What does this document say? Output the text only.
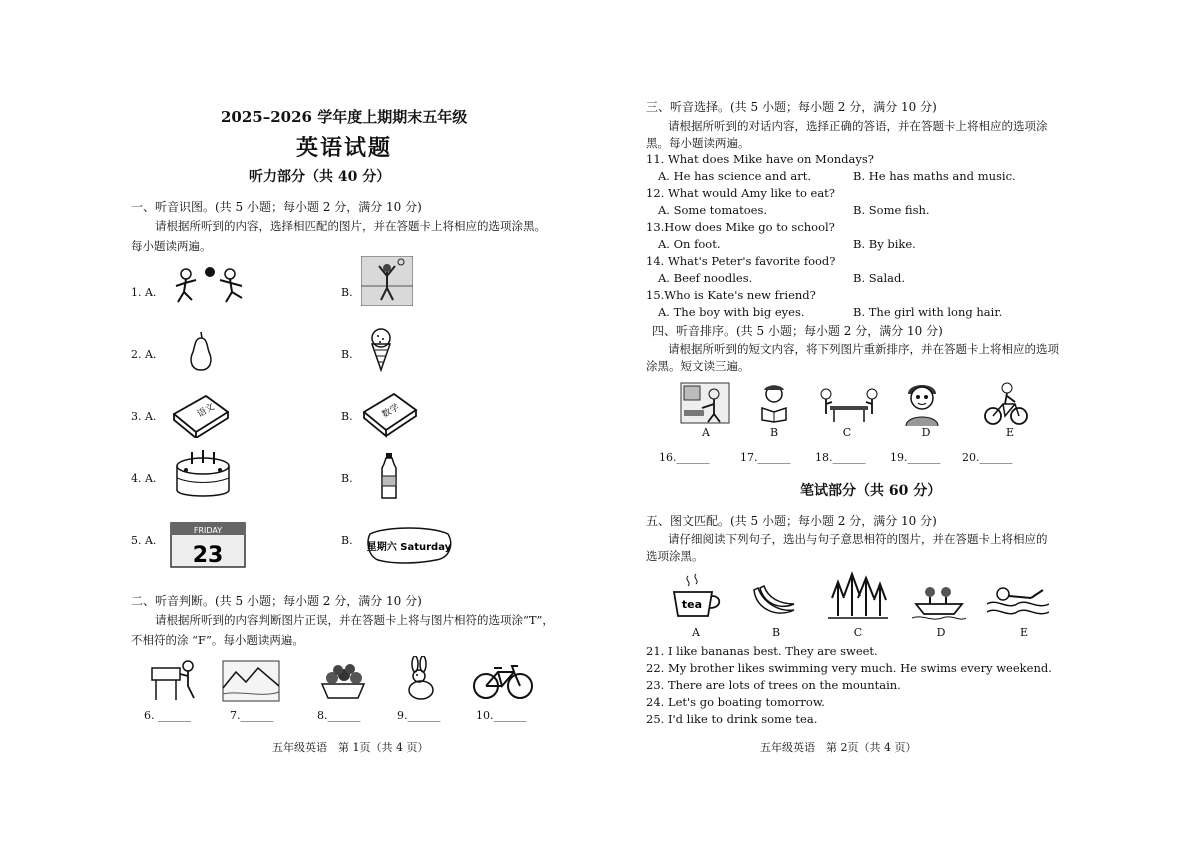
2025–2026 学年度上期期末五年级
英语试题
听力部分（共 40 分）
一、听音识图。(共 5 小题；每小题 2 分，满分 10 分)
请根据所听到的内容，选择相匹配的图片，并在答题卡上将相应的选项涂黑。
每小题读两遍。
1. A.	B.
2. A.	B.
3. A.	语文	B.	数学
4. A.	B.
5. A.
FRIDAY
23
B.
星期六 Saturday
二、听音判断。(共 5 小题；每小题 2 分，满分 10 分)
请根据所听到的内容判断图片正误，并在答题卡上将与图片相符的选项涂“T”，
不相符的涂 “F”。每小题读两遍。
6. ______	7.______	8.______	9.______	10.______
五年级英语　第 1页（共 4 页）
三、听音选择。(共 5 小题；每小题 2 分，满分 10 分)
请根据所听到的对话内容，选择正确的答语，并在答题卡上将相应的选项涂
黑。每小题读两遍。
11. What does Mike have on Mondays?
A. He has science and art.	B. He has maths and music.
12. What would Amy like to eat?
A. Some tomatoes.	B. Some fish.
13.How does Mike go to school?
A. On foot.	B. By bike.
14. What's Peter's favorite food?
A. Beef noodles.	B. Salad.
15.Who is Kate's new friend?
A. The boy with big eyes.	B. The girl with long hair.
四、听音排序。(共 5 小题；每小题 2 分，满分 10 分)
请根据所听到的短文内容，将下列图片重新排序，并在答题卡上将相应的选项
涂黑。短文读三遍。
A	B	C	D	E
16.______	17.______ 18.______ 19.______ 20.______
笔试部分（共 60 分）
五、图文匹配。(共 5 小题；每小题 2 分，满分 10 分)
请仔细阅读下列句子，选出与句子意思相符的图片，并在答题卡上将相应的
选项涂黑。
tea
A	B	C	D	E
21. I like bananas best. They are sweet.
22. My brother likes swimming very much. He swims every weekend.
23. There are lots of trees on the mountain.
24. Let's go boating tomorrow.
25. I'd like to drink some tea.
五年级英语　第 2页（共 4 页）
